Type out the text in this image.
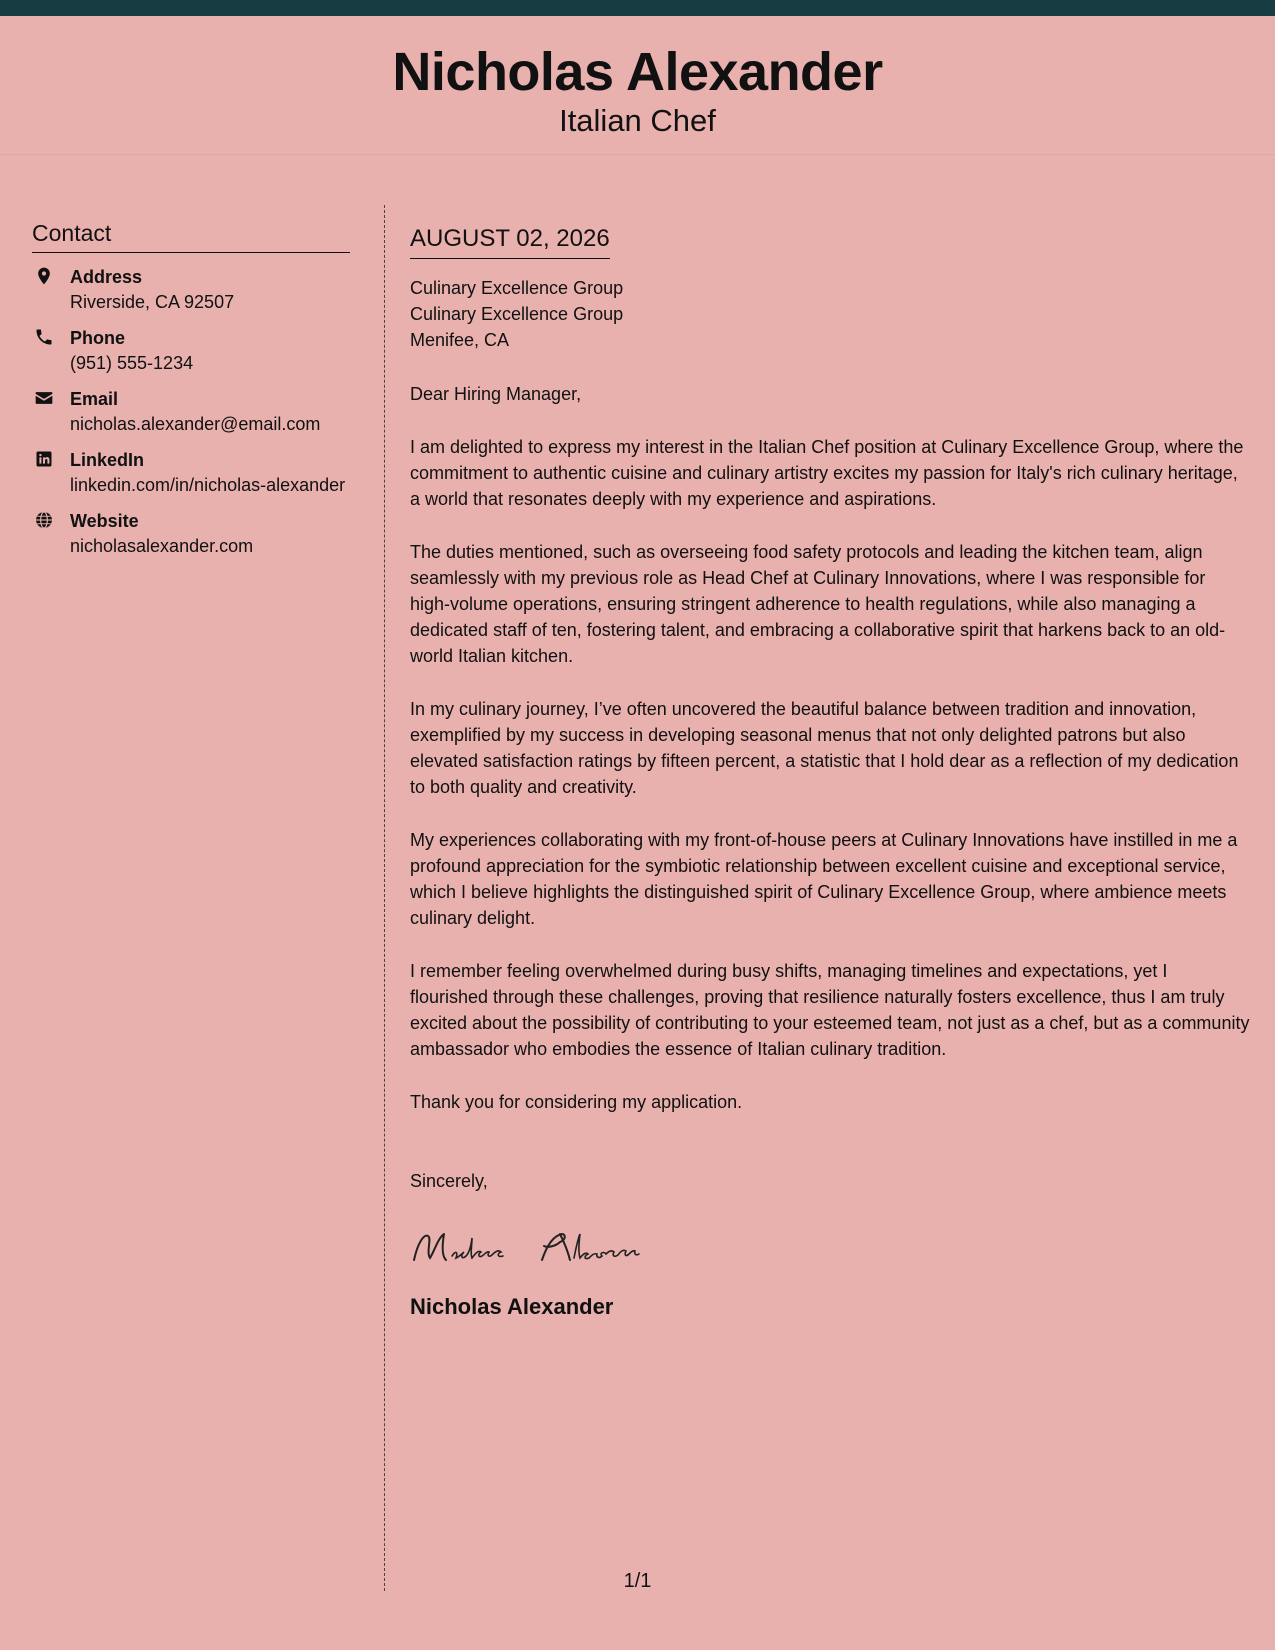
Nicholas Alexander
Italian Chef
Contact
Address
Riverside, CA 92507
Phone
(951) 555-1234
Email
nicholas.alexander@email.com
LinkedIn
linkedin.com/in/nicholas-alexander
Website
nicholasalexander.com
AUGUST 02, 2026
Culinary Excellence Group
Culinary Excellence Group
Menifee, CA

Dear Hiring Manager,

I am delighted to express my interest in the Italian Chef position at Culinary Excellence Group, where the commitment to authentic cuisine and culinary artistry excites my passion for Italy's rich culinary heritage, a world that resonates deeply with my experience and aspirations.

The duties mentioned, such as overseeing food safety protocols and leading the kitchen team, align seamlessly with my previous role as Head Chef at Culinary Innovations, where I was responsible for high-volume operations, ensuring stringent adherence to health regulations, while also managing a dedicated staff of ten, fostering talent, and embracing a collaborative spirit that harkens back to an old-world Italian kitchen.

In my culinary journey, I’ve often uncovered the beautiful balance between tradition and innovation, exemplified by my success in developing seasonal menus that not only delighted patrons but also elevated satisfaction ratings by fifteen percent, a statistic that I hold dear as a reflection of my dedication to both quality and creativity.

My experiences collaborating with my front-of-house peers at Culinary Innovations have instilled in me a profound appreciation for the symbiotic relationship between excellent cuisine and exceptional service, which I believe highlights the distinguished spirit of Culinary Excellence Group, where ambience meets culinary delight.

I remember feeling overwhelmed during busy shifts, managing timelines and expectations, yet I flourished through these challenges, proving that resilience naturally fosters excellence, thus I am truly excited about the possibility of contributing to your esteemed team, not just as a chef, but as a community ambassador who embodies the essence of Italian culinary tradition.

Thank you for considering my application.

Sincerely,

Nicholas Alexander

1/1
